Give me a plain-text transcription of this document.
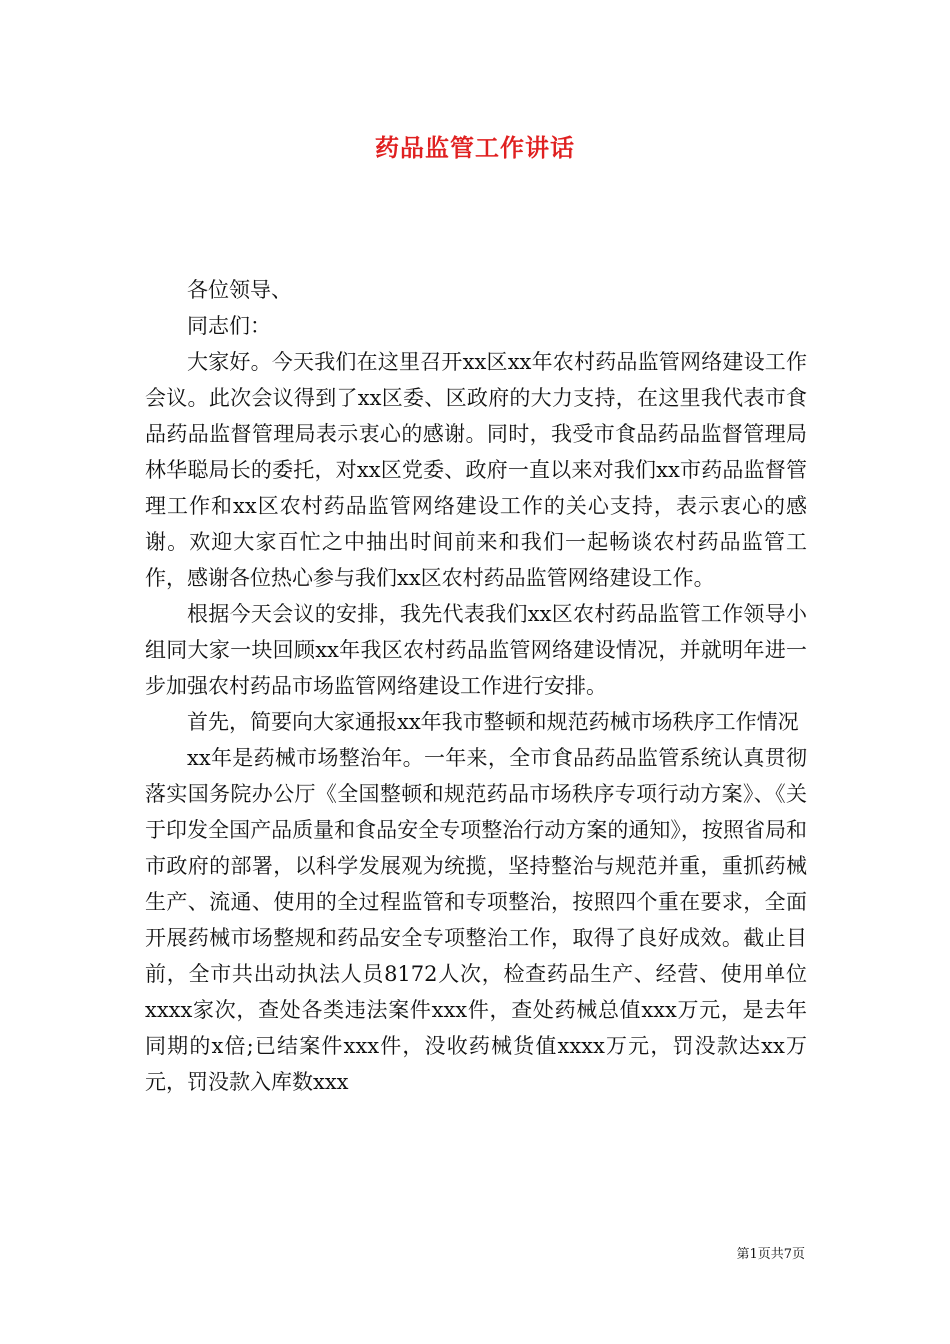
药品监管工作讲话

各位领导、

同志们：

大家好。今天我们在这里召开xx区xx年农村药品监管网络建设工作会议。此次会议得到了xx区委、区政府的大力支持，在这里我代表市食品药品监督管理局表示衷心的感谢。同时，我受市食品药品监督管理局林华聪局长的委托，对xx区党委、政府一直以来对我们xx市药品监督管理工作和xx区农村药品监管网络建设工作的关心支持，表示衷心的感谢。欢迎大家百忙之中抽出时间前来和我们一起畅谈农村药品监管工作，感谢各位热心参与我们xx区农村药品监管网络建设工作。

根据今天会议的安排，我先代表我们xx区农村药品监管工作领导小组同大家一块回顾xx年我区农村药品监管网络建设情况，并就明年进一步加强农村药品市场监管网络建设工作进行安排。

首先，简要向大家通报xx年我市整顿和规范药械市场秩序工作情况

xx年是药械市场整治年。一年来，全市食品药品监管系统认真贯彻落实国务院办公厅《全国整顿和规范药品市场秩序专项行动方案》、《关于印发全国产品质量和食品安全专项整治行动方案的通知》，按照省局和市政府的部署，以科学发展观为统揽，坚持整治与规范并重，重抓药械生产、流通、使用的全过程监管和专项整治，按照四个重在要求，全面开展药械市场整规和药品安全专项整治工作，取得了良好成效。截止目前，全市共出动执法人员8172人次，检查药品生产、经营、使用单位xxxx家次，查处各类违法案件xxx件，查处药械总值xxx万元，是去年同期的x倍;已结案件xxx件，没收药械货值xxxx万元，罚没款达xx万元，罚没款入库数xxx

第1页共7页
